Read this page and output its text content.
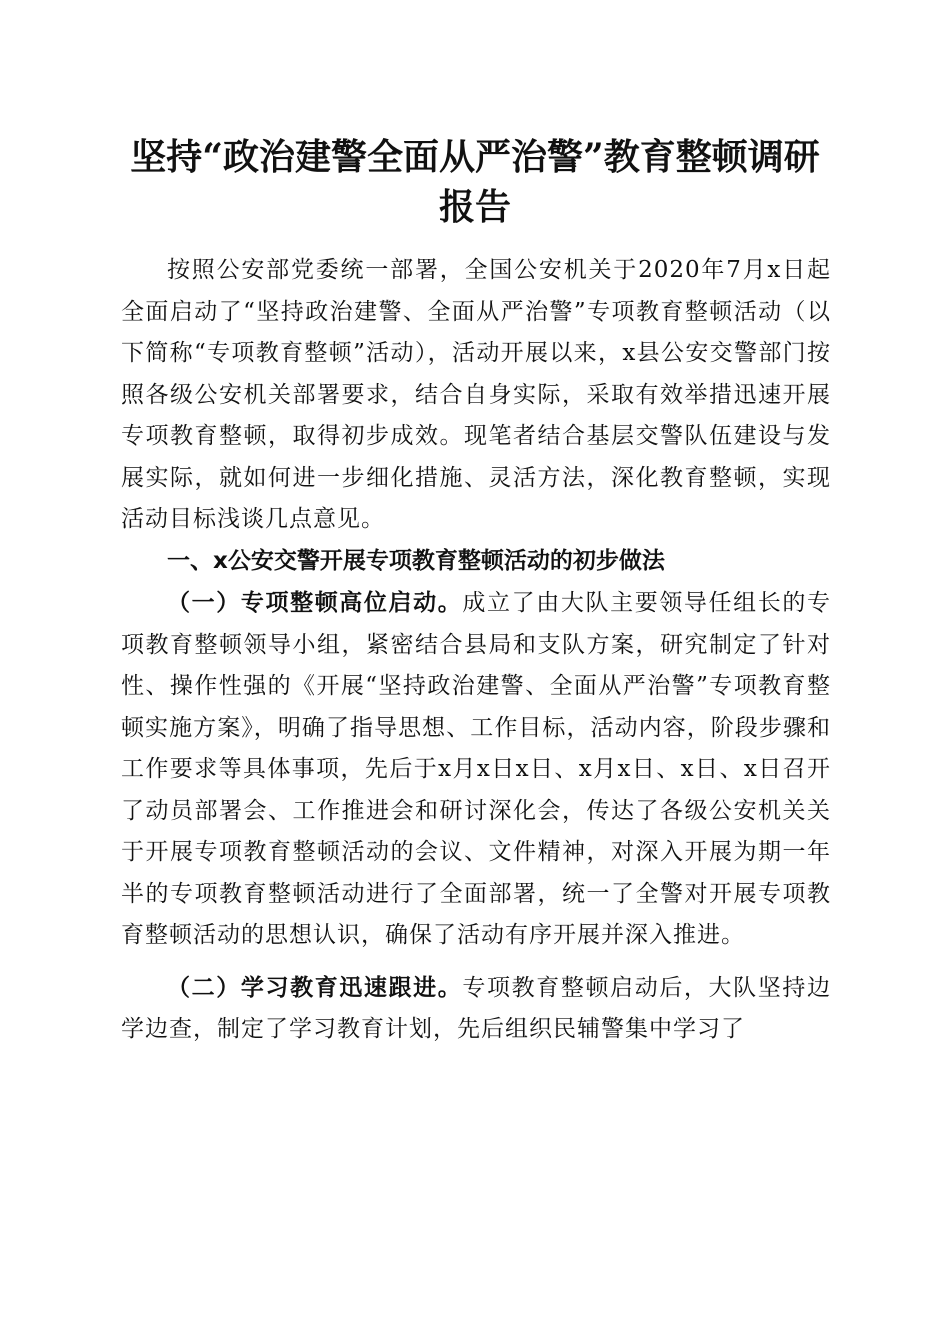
坚持“政治建警全面从严治警”教育整顿调研
报告

按照公安部党委统一部署，全国公安机关于2020年7月x日起全面启动了“坚持政治建警、全面从严治警”专项教育整顿活动（以下简称“专项教育整顿”活动），活动开展以来，x县公安交警部门按照各级公安机关部署要求，结合自身实际，采取有效举措迅速开展专项教育整顿，取得初步成效。现笔者结合基层交警队伍建设与发展实际，就如何进一步细化措施、灵活方法，深化教育整顿，实现活动目标浅谈几点意见。

一、x公安交警开展专项教育整顿活动的初步做法

（一）专项整顿高位启动。成立了由大队主要领导任组长的专项教育整顿领导小组，紧密结合县局和支队方案，研究制定了针对性、操作性强的《开展“坚持政治建警、全面从严治警”专项教育整顿实施方案》，明确了指导思想、工作目标，活动内容，阶段步骤和工作要求等具体事项，先后于x月x日x日、x月x日、x日、x日召开了动员部署会、工作推进会和研讨深化会，传达了各级公安机关关于开展专项教育整顿活动的会议、文件精神，对深入开展为期一年半的专项教育整顿活动进行了全面部署，统一了全警对开展专项教育整顿活动的思想认识，确保了活动有序开展并深入推进。

（二）学习教育迅速跟进。专项教育整顿启动后，大队坚持边学边查，制定了学习教育计划，先后组织民辅警集中学习了
